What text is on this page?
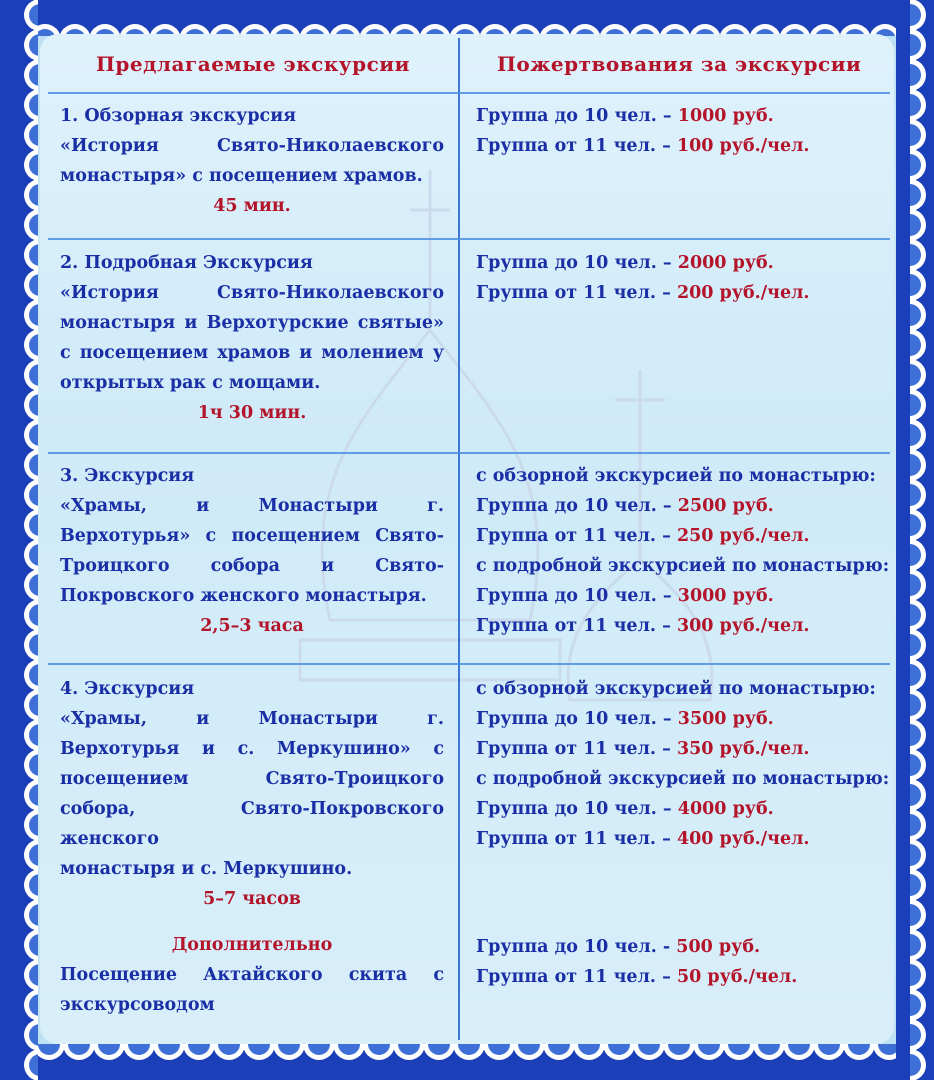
Предлагаемые экскурсии	Пожертвования за экскурсии
1. Обзорная экскурсия
«История Свято-Николаевского
монастыря» с посещением храмов.
45 мин.
Группа до 10 чел. – 1000 руб.
Группа от 11 чел. – 100 руб./чел.
2. Подробная Экскурсия
«История Свято-Николаевского
монастыря и Верхотурские святые»
с посещением храмов и молением у
открытых рак с мощами.
1ч 30 мин.
Группа до 10 чел. – 2000 руб.
Группа от 11 чел. – 200 руб./чел.
3. Экскурсия
«Храмы, и Монастыри г.
Верхотурья» с посещением Свято-
Троицкого собора и Свято-
Покровского женского монастыря.
2,5–3 часа
с обзорной экскурсией по монастырю:
Группа до 10 чел. – 2500 руб.
Группа от 11 чел. – 250 руб./чел.
с подробной экскурсией по монастырю:
Группа до 10 чел. – 3000 руб.
Группа от 11 чел. – 300 руб./чел.
4. Экскурсия
«Храмы, и Монастыри г.
Верхотурья и с. Меркушино» с
посещением Свято-Троицкого
собора, Свято-Покровского женского
монастыря и с. Меркушино.
5–7 часов
Дополнительно
Посещение Актайского скита с
экскурсоводом
с обзорной экскурсией по монастырю:
Группа до 10 чел. – 3500 руб.
Группа от 11 чел. – 350 руб./чел.
с подробной экскурсией по монастырю:
Группа до 10 чел. – 4000 руб.
Группа от 11 чел. – 400 руб./чел.
Группа до 10 чел. - 500 руб.
Группа от 11 чел. – 50 руб./чел.
